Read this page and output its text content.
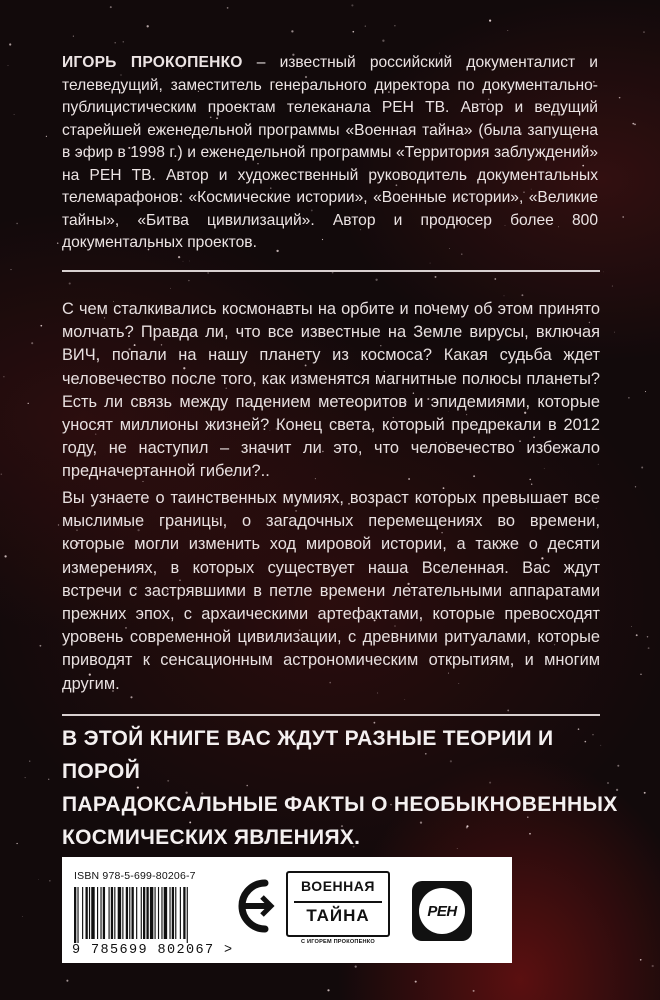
ИГОРЬ ПРОКОПЕНКО – известный российский документалист и телеведущий, заместитель генерального директора по документально-публицистическим проектам телеканала РЕН ТВ. Автор и ведущий старейшей еженедельной программы «Военная тайна» (была запущена в эфир в 1998 г.) и еженедельной программы «Территория заблуждений» на РЕН ТВ. Автор и художественный руководитель документальных телемарафонов: «Космические истории», «Военные истории», «Великие тайны», «Битва цивилизаций». Автор и продюсер более 800 документальных проектов.

С чем сталкивались космонавты на орбите и почему об этом принято молчать? Правда ли, что все известные на Земле вирусы, включая ВИЧ, попали на нашу планету из космоса? Какая судьба ждет человечество после того, как изменятся магнитные полюсы планеты? Есть ли связь между падением метеоритов и эпидемиями, которые уносят миллионы жизней? Конец света, который предрекали в 2012 году, не наступил – значит ли это, что человечество избежало предначертанной гибели?..

Вы узнаете о таинственных мумиях, возраст которых превышает все мыслимые границы, о загадочных перемещениях во времени, которые могли изменить ход мировой истории, а также о десяти измерениях, в которых существует наша Вселенная. Вас ждут встречи с застрявшими в петле времени летательными аппаратами прежних эпох, с архаическими артефактами, которые превосходят уровень современной цивилизации, с древними ритуалами, которые приводят к сенсационным астрономическим открытиям, и многим другим.

В ЭТОЙ КНИГЕ ВАС ЖДУТ РАЗНЫЕ ТЕОРИИ И ПОРОЙ
ПАРАДОКСАЛЬНЫЕ ФАКТЫ О НЕОБЫКНОВЕННЫХ
КОСМИЧЕСКИХ ЯВЛЕНИЯХ.
ISBN 978-5-699-80206-7
9 785699 802067 >
ВОЕННАЯ
ТАЙНА
С ИГОРЕМ ПРОКОПЕНКО
РЕН
